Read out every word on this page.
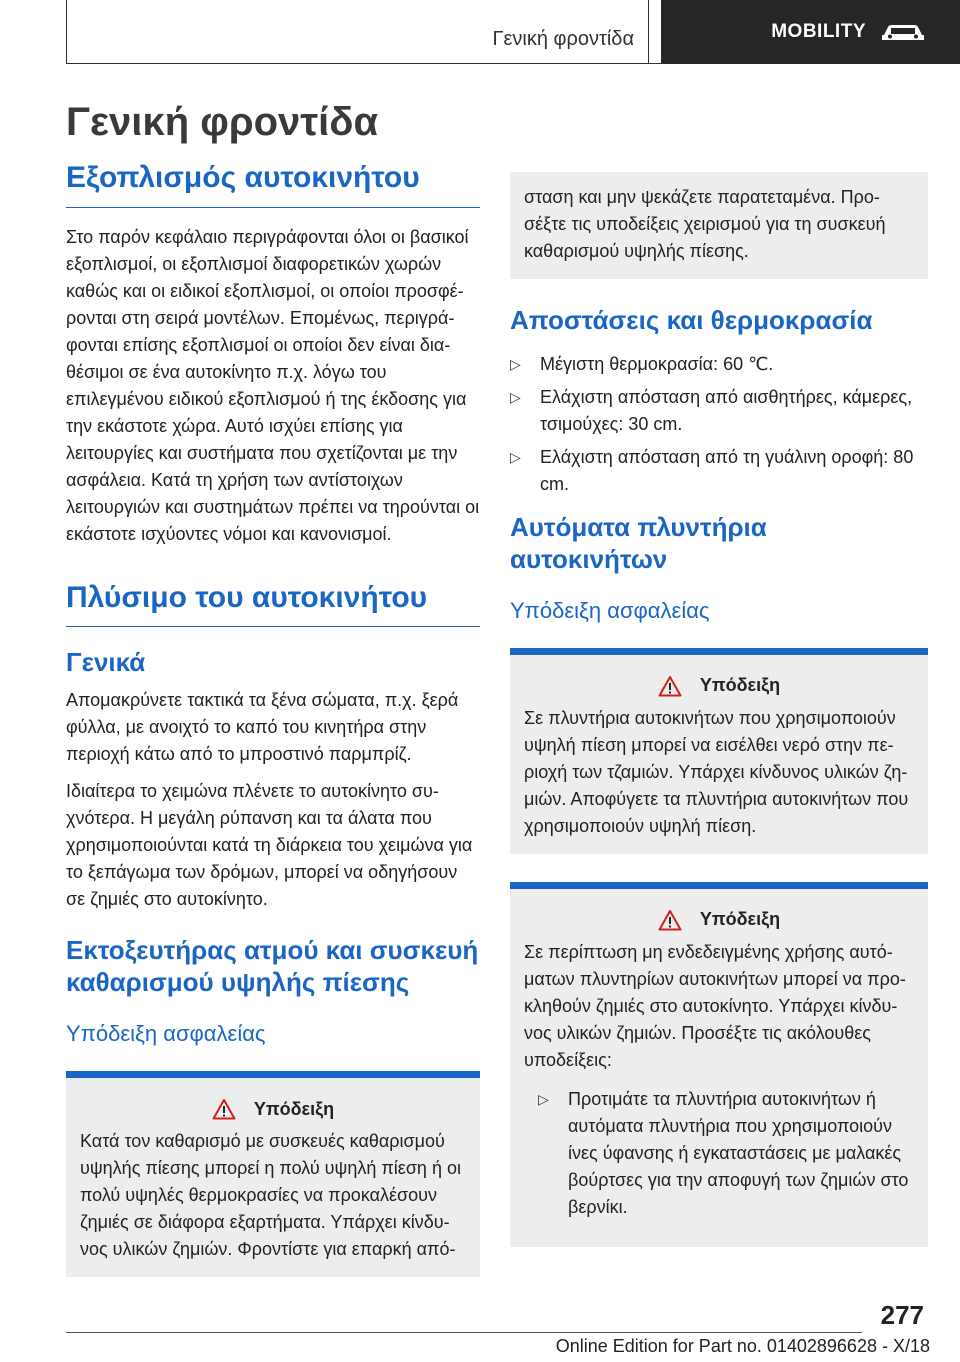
Γενική φροντίδα	MOBILITY
Γενική φροντίδα
Εξοπλισμός αυτοκινήτου

Στο παρόν κεφάλαιο περιγράφονται όλοι οι βασικοί εξοπλισμοί, οι εξοπλισμοί διαφορετικών χωρών καθώς και οι ειδικοί εξοπλισμοί, οι οποίοι προσφέρονται στη σειρά μοντέλων. Επομένως, περιγράφονται επίσης εξοπλισμοί οι οποίοι δεν είναι διαθέσιμοι σε ένα αυτοκίνητο π.χ. λόγω του επιλεγμένου ειδικού εξοπλισμού ή της έκδοσης για την εκάστοτε χώρα. Αυτό ισχύει επίσης για λειτουργίες και συστήματα που σχετίζονται με την ασφάλεια. Κατά τη χρήση των αντίστοιχων λειτουργιών και συστημάτων πρέπει να τηρούνται οι εκάστοτε ισχύοντες νόμοι και κανονισμοί.

Πλύσιμο του αυτοκινήτου
Γενικά

Απομακρύνετε τακτικά τα ξένα σώματα, π.χ. ξερά φύλλα, με ανοιχτό το καπό του κινητήρα στην περιοχή κάτω από το μπροστινό παρμπρίζ.

Ιδιαίτερα το χειμώνα πλένετε το αυτοκίνητο συχνότερα. Η μεγάλη ρύπανση και τα άλατα που χρησιμοποιούνται κατά τη διάρκεια του χειμώνα για το ξεπάγωμα των δρόμων, μπορεί να οδηγήσουν σε ζημιές στο αυτοκίνητο.

Εκτοξευτήρας ατμού και συσκευή καθαρισμού υψηλής πίεσης
Υπόδειξη ασφαλείας
Υπόδειξη

Κατά τον καθαρισμό με συσκευές καθαρισμού υψηλής πίεσης μπορεί η πολύ υψηλή πίεση ή οι πολύ υψηλές θερμοκρασίες να προκαλέσουν ζημιές σε διάφορα εξαρτήματα. Υπάρχει κίνδυνος υλικών ζημιών. Φροντίστε για επαρκή από-

σταση και μην ψεκάζετε παρατεταμένα. Προσέξτε τις υποδείξεις χειρισμού για τη συσκευή καθαρισμού υψηλής πίεσης.

Αποστάσεις και θερμοκρασία
▷ Μέγιστη θερμοκρασία: 60 ℃.
▷ Ελάχιστη απόσταση από αισθητήρες, κάμερες, τσιμούχες: 30 cm.
▷ Ελάχιστη απόσταση από τη γυάλινη οροφή: 80 cm.
Αυτόματα πλυντήρια αυτοκινήτων
Υπόδειξη ασφαλείας
Υπόδειξη

Σε πλυντήρια αυτοκινήτων που χρησιμοποιούν υψηλή πίεση μπορεί να εισέλθει νερό στην περιοχή των τζαμιών. Υπάρχει κίνδυνος υλικών ζημιών. Αποφύγετε τα πλυντήρια αυτοκινήτων που χρησιμοποιούν υψηλή πίεση.

Υπόδειξη

Σε περίπτωση μη ενδεδειγμένης χρήσης αυτόματων πλυντηρίων αυτοκινήτων μπορεί να προκληθούν ζημιές στο αυτοκίνητο. Υπάρχει κίνδυνος υλικών ζημιών. Προσέξτε τις ακόλουθες υποδείξεις:

▷ Προτιμάτε τα πλυντήρια αυτοκινήτων ή αυτόματα πλυντήρια που χρησιμοποιούν ίνες ύφανσης ή εγκαταστάσεις με μαλακές βούρτσες για την αποφυγή των ζημιών στο βερνίκι.
277
Online Edition for Part no. 01402896628 - X/18
